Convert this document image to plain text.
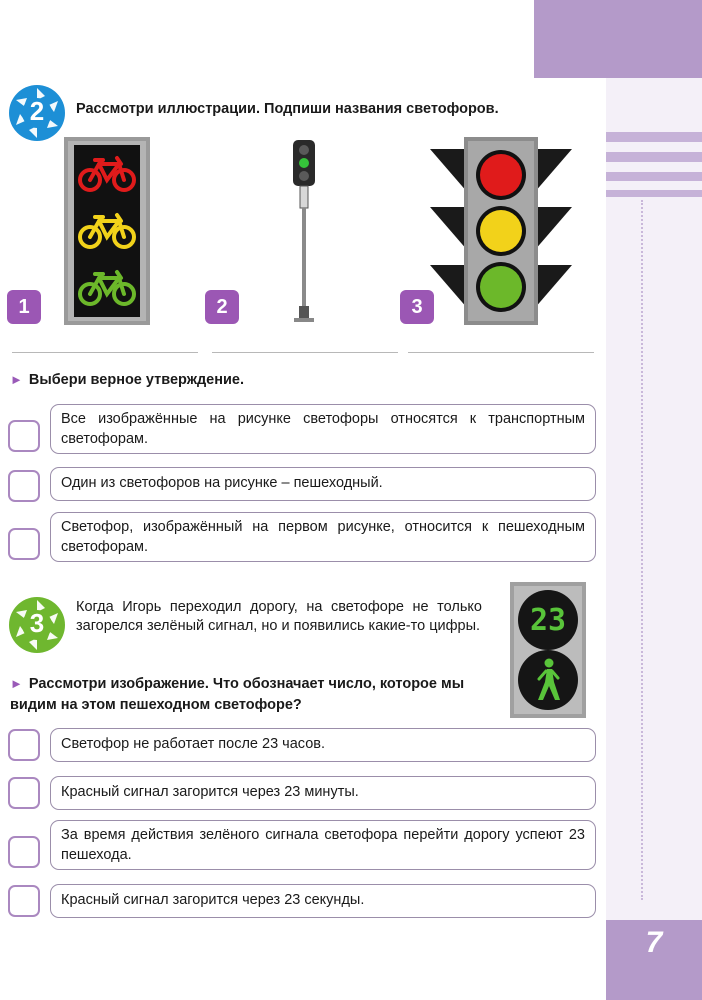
7
2	Рассмотри иллюстрации. Подпиши названия светофоров.
1	2	3
► Выбери верное утверждение.
Все изображённые на рисунке светофоры относятся к транспортным светофорам.
Один из светофоров на рисунке – пешеходный.
Светофор, изображённый на первом рисунке, относится к пешеходным светофорам.
3
Когда Игорь переходил дорогу, на светофоре не только загорелся зелёный сигнал, но и появились какие-то цифры.
► Рассмотри изображение. Что обозначает число, которое мы видим на этом пешеходном светофоре?
23
Светофор не работает после 23 часов.
Красный сигнал загорится через 23 минуты.
За время действия зелёного сигнала светофора перейти дорогу успеют 23 пешехода.
Красный сигнал загорится через 23 секунды.
